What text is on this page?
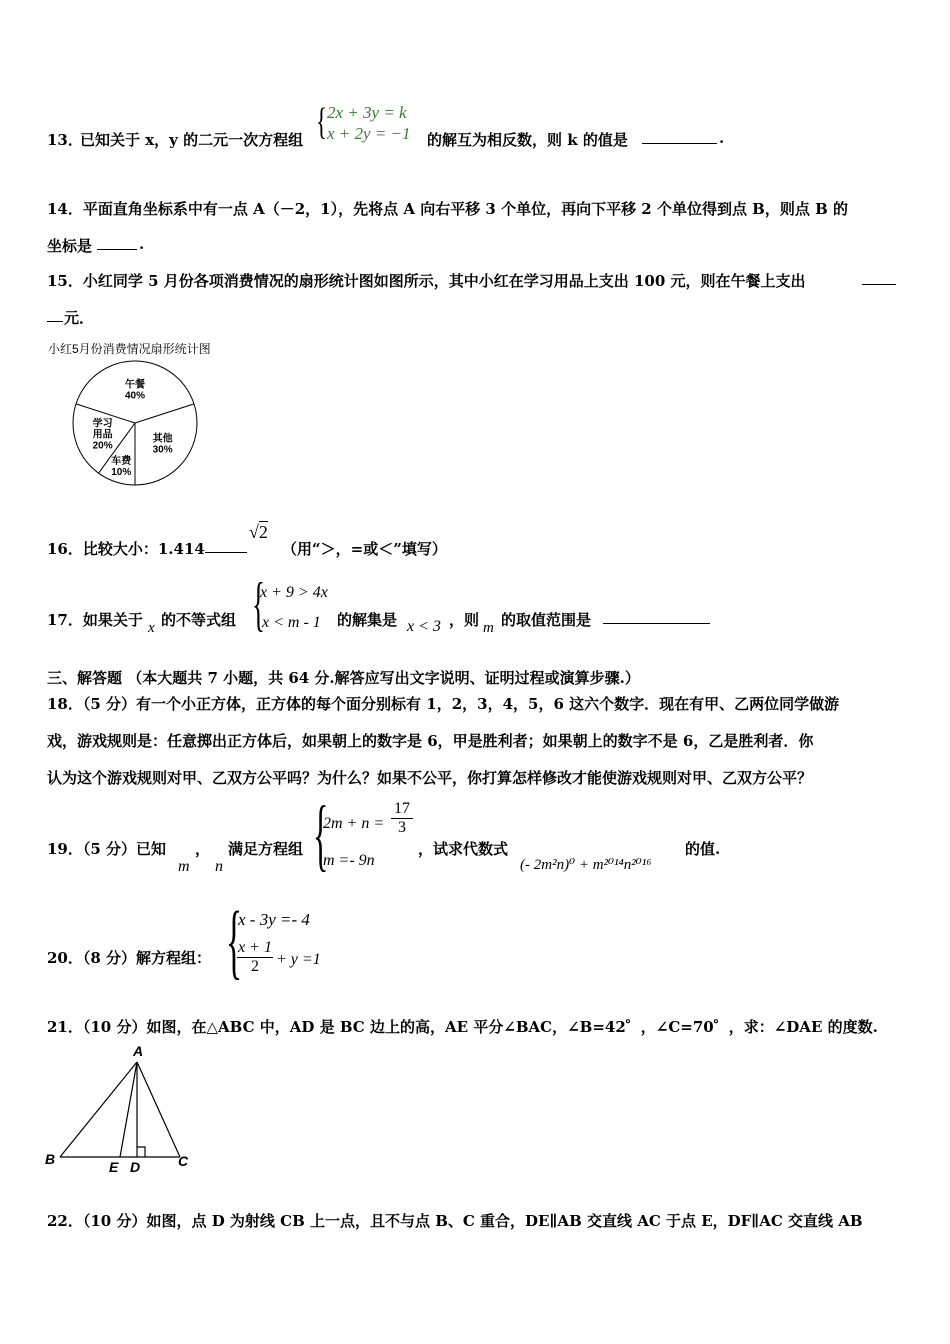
13．
已知关于 x，y 的二元一次方程组 { 2x + 3y = k
x + 2y = −1 的解互为相反数，则 k 的值是	.
14．平面直角坐标系中有一点 A（－2，1），先将点 A 向右平移 3 个单位，再向下平移 2 个单位得到点 B，则点 B 的
坐标是	.
15．小红同学 5 月份各项消费情况的扇形统计图如图所示，其中小红在学习用品上支出 100 元，则在午餐上支出
元．
小红5月份消费情况扇形统计图
午餐
40%
其他
30%
车费
10%
学习
用品
20%
16．比较大小：1.414
√2
（用“＞，=或＜”填写）
17．如果关于 x 的不等式组 {
x + 9 > 4x
x < m - 1 的解集是 x < 3 ，则 m 的取值范围是
三、解答题 （本大题共 7 小题，共 64 分.解答应写出文字说明、证明过程或演算步骤.）
18．（5 分）有一个小正方体，正方体的每个面分别标有 1，2，3，4，5，6 这六个数字．现在有甲、乙两位同学做游
戏，游戏规则是：任意掷出正方体后，如果朝上的数字是 6，甲是胜利者；如果朝上的数字不是 6，乙是胜利者．你
认为这个游戏规则对甲、乙双方公平吗？为什么？如果不公平，你打算怎样修改才能使游戏规则对甲、乙双方公平？
19．（5 分）已知 ，
m n
满足方程组 {
$2m + n = \frac{17}{3}$
m =- 9n
，试求代数式
(- 2m²n)⁰ + m²⁰¹⁴n²⁰¹⁶
的值.
20．（8 分）解方程组： {
x - 3y =- 4
$\frac{x + 1}{2} + y =1$
21．（10 分）如图，在△ABC 中，AD 是 BC 边上的高，AE 平分∠BAC，∠B=42゜，∠C=70゜，求：∠DAE 的度数.
A
B	C
D
E
22．（10 分）如图，点 D 为射线 CB 上一点，且不与点 B、C 重合，DE∥AB 交直线 AC 于点 E，DF∥AC 交直线 AB
